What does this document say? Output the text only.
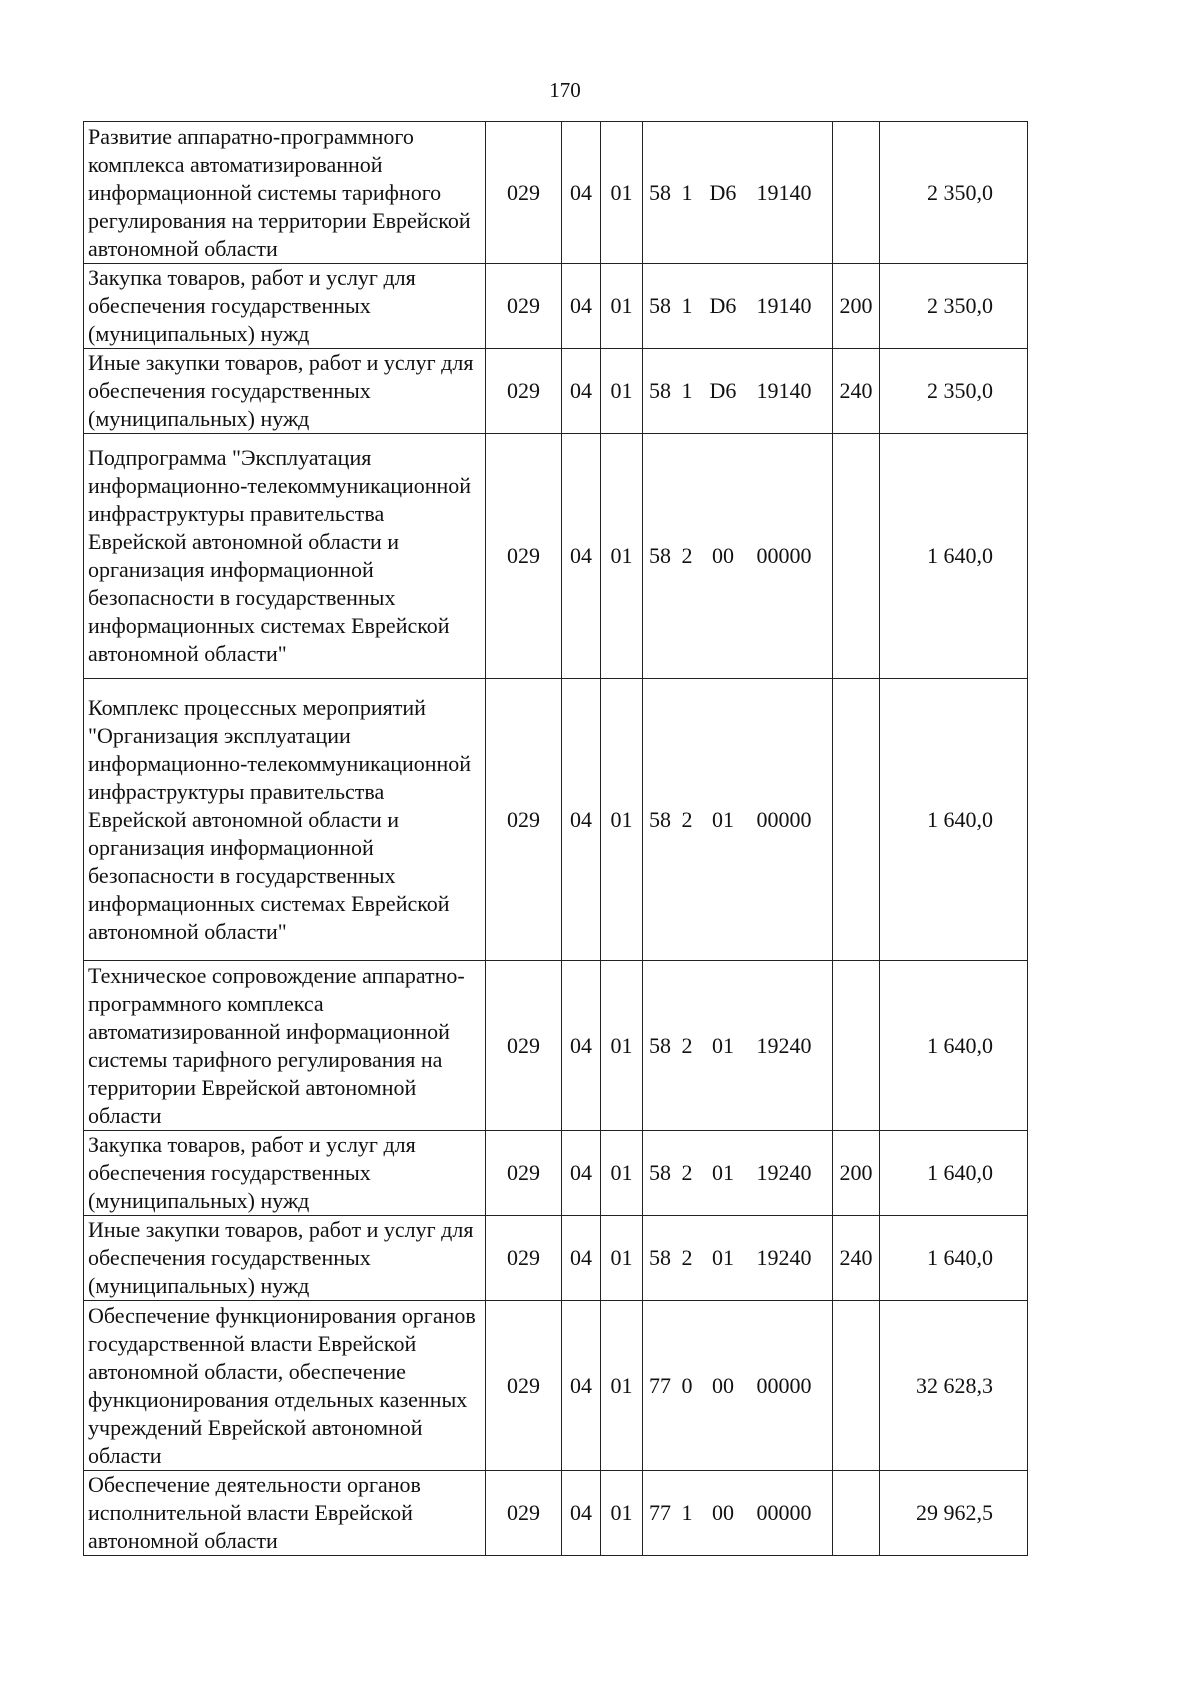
170
Развитие аппаратно-программного комплекса автоматизированной информационной системы тарифного регулирования на территории Еврейской автономной области	029	04	01	58 1 D6 19140		2 350,0
Закупка товаров, работ и услуг для обеспечения государственных (муниципальных) нужд	029	04	01	58 1 D6 19140	200	2 350,0
Иные закупки товаров, работ и услуг для обеспечения государственных (муниципальных) нужд	029	04	01	58 1 D6 19140	240	2 350,0
Подпрограмма "Эксплуатация информационно-телекоммуникационной инфраструктуры правительства Еврейской автономной области и организация информационной безопасности в государственных информационных системах Еврейской автономной области"	029	04	01	58 2 00 00000		1 640,0
Комплекс процессных мероприятий "Организация эксплуатации информационно-телекоммуникационной инфраструктуры правительства Еврейской автономной области и организация информационной безопасности в государственных информационных системах Еврейской автономной области"	029	04	01	58 2 01 00000		1 640,0
Техническое сопровождение аппаратно-программного комплекса автоматизированной информационной системы тарифного регулирования на территории Еврейской автономной области	029	04	01	58 2 01 19240		1 640,0
Закупка товаров, работ и услуг для обеспечения государственных (муниципальных) нужд	029	04	01	58 2 01 19240	200	1 640,0
Иные закупки товаров, работ и услуг для обеспечения государственных (муниципальных) нужд	029	04	01	58 2 01 19240	240	1 640,0
Обеспечение функционирования органов государственной власти Еврейской автономной области, обеспечение функционирования отдельных казенных учреждений Еврейской автономной области	029	04	01	77 0 00 00000		32 628,3
Обеспечение деятельности органов исполнительной власти Еврейской автономной области	029	04	01	77 1 00 00000		29 962,5
